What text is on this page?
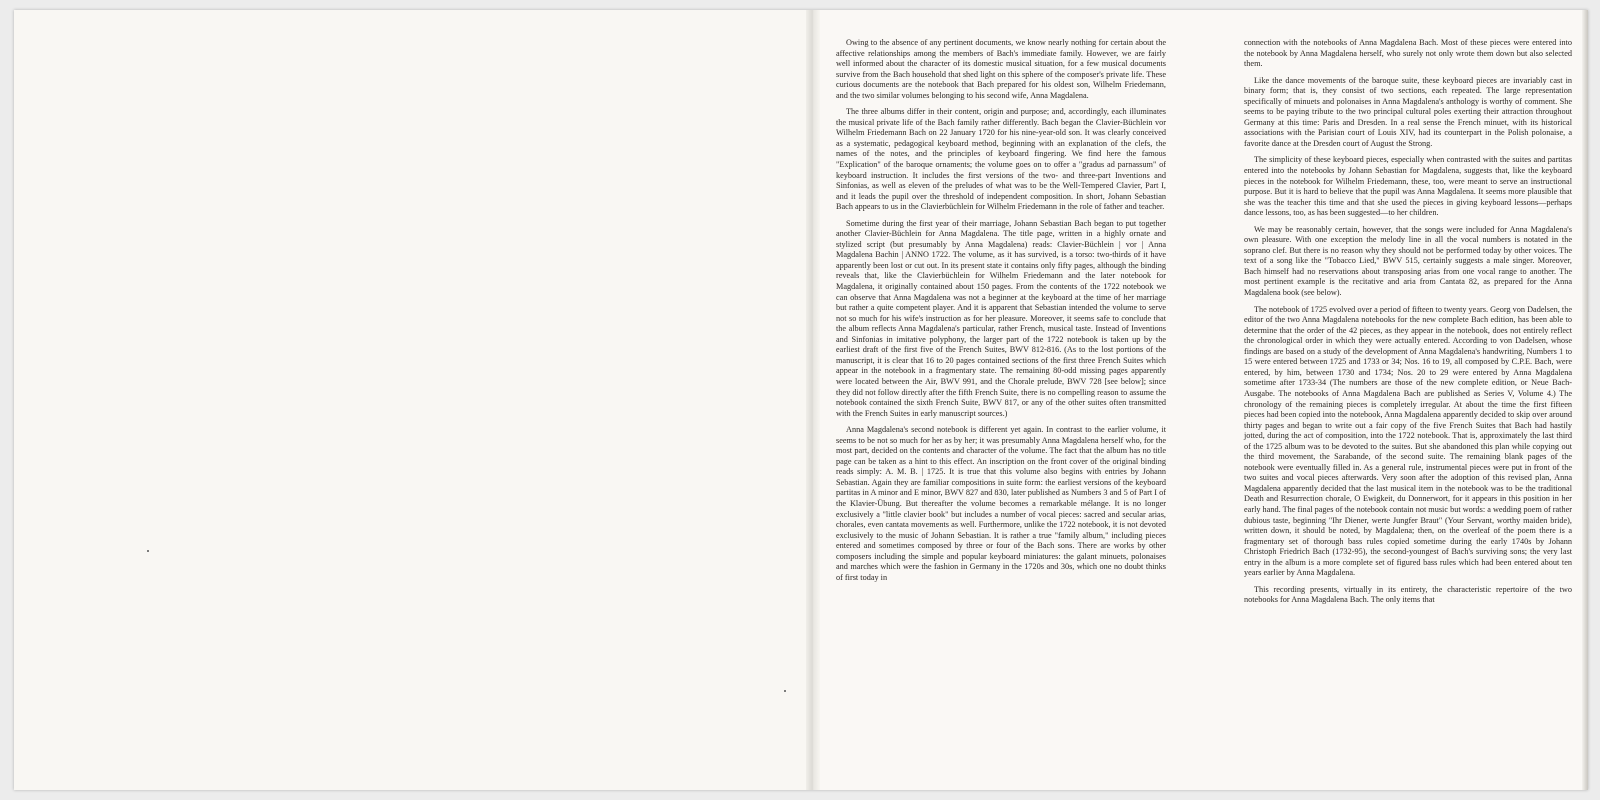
Owing to the absence of any pertinent documents, we know nearly nothing for certain about the affective relationships among the members of Bach's immediate family. However, we are fairly well informed about the character of its domestic musical situation, for a few musical documents survive from the Bach household that shed light on this sphere of the composer's private life. These curious documents are the notebook that Bach prepared for his oldest son, Wilhelm Friedemann, and the two similar volumes belonging to his second wife, Anna Magdalena.

The three albums differ in their content, origin and purpose; and, accordingly, each illuminates the musical private life of the Bach family rather differently. Bach began the Clavier-Büchlein vor Wilhelm Friedemann Bach on 22 January 1720 for his nine-year-old son. It was clearly conceived as a systematic, pedagogical keyboard method, beginning with an explanation of the clefs, the names of the notes, and the principles of keyboard fingering. We find here the famous "Explication" of the baroque ornaments; the volume goes on to offer a "gradus ad parnassum" of keyboard instruction. It includes the first versions of the two- and three-part Inventions and Sinfonias, as well as eleven of the preludes of what was to be the Well-Tempered Clavier, Part I, and it leads the pupil over the threshold of independent composition. In short, Johann Sebastian Bach appears to us in the Clavierbüchlein for Wilhelm Friedemann in the role of father and teacher.

Sometime during the first year of their marriage, Johann Sebastian Bach began to put together another Clavier-Büchlein for Anna Magdalena. The title page, written in a highly ornate and stylized script (but presumably by Anna Magdalena) reads: Clavier-Büchlein | vor | Anna Magdalena Bachin | ANNO 1722. The volume, as it has survived, is a torso: two-thirds of it have apparently been lost or cut out. In its present state it contains only fifty pages, although the binding reveals that, like the Clavierbüchlein for Wilhelm Friedemann and the later notebook for Magdalena, it originally contained about 150 pages. From the contents of the 1722 notebook we can observe that Anna Magdalena was not a beginner at the keyboard at the time of her marriage but rather a quite competent player. And it is apparent that Sebastian intended the volume to serve not so much for his wife's instruction as for her pleasure. Moreover, it seems safe to conclude that the album reflects Anna Magdalena's particular, rather French, musical taste. Instead of Inventions and Sinfonias in imitative polyphony, the larger part of the 1722 notebook is taken up by the earliest draft of the first five of the French Suites, BWV 812-816. (As to the lost portions of the manuscript, it is clear that 16 to 20 pages contained sections of the first three French Suites which appear in the notebook in a fragmentary state. The remaining 80-odd missing pages apparently were located between the Air, BWV 991, and the Chorale prelude, BWV 728 [see below]; since they did not follow directly after the fifth French Suite, there is no compelling reason to assume the notebook contained the sixth French Suite, BWV 817, or any of the other suites often transmitted with the French Suites in early manuscript sources.)

Anna Magdalena's second notebook is different yet again. In contrast to the earlier volume, it seems to be not so much for her as by her; it was presumably Anna Magdalena herself who, for the most part, decided on the contents and character of the volume. The fact that the album has no title page can be taken as a hint to this effect. An inscription on the front cover of the original binding reads simply: A. M. B. | 1725. It is true that this volume also begins with entries by Johann Sebastian. Again they are familiar compositions in suite form: the earliest versions of the keyboard partitas in A minor and E minor, BWV 827 and 830, later published as Numbers 3 and 5 of Part I of the Klavier-Übung. But thereafter the volume becomes a remarkable mélange. It is no longer exclusively a "little clavier book" but includes a number of vocal pieces: sacred and secular arias, chorales, even cantata movements as well. Furthermore, unlike the 1722 notebook, it is not devoted exclusively to the music of Johann Sebastian. It is rather a true "family album," including pieces entered and sometimes composed by three or four of the Bach sons. There are works by other composers including the simple and popular keyboard miniatures: the galant minuets, polonaises and marches which were the fashion in Germany in the 1720s and 30s, which one no doubt thinks of first today in

connection with the notebooks of Anna Magdalena Bach. Most of these pieces were entered into the notebook by Anna Magdalena herself, who surely not only wrote them down but also selected them.

Like the dance movements of the baroque suite, these keyboard pieces are invariably cast in binary form; that is, they consist of two sections, each repeated. The large representation specifically of minuets and polonaises in Anna Magdalena's anthology is worthy of comment. She seems to be paying tribute to the two principal cultural poles exerting their attraction throughout Germany at this time: Paris and Dresden. In a real sense the French minuet, with its historical associations with the Parisian court of Louis XIV, had its counterpart in the Polish polonaise, a favorite dance at the Dresden court of August the Strong.

The simplicity of these keyboard pieces, especially when contrasted with the suites and partitas entered into the notebooks by Johann Sebastian for Magdalena, suggests that, like the keyboard pieces in the notebook for Wilhelm Friedemann, these, too, were meant to serve an instructional purpose. But it is hard to believe that the pupil was Anna Magdalena. It seems more plausible that she was the teacher this time and that she used the pieces in giving keyboard lessons—perhaps dance lessons, too, as has been suggested—to her children.

We may be reasonably certain, however, that the songs were included for Anna Magdalena's own pleasure. With one exception the melody line in all the vocal numbers is notated in the soprano clef. But there is no reason why they should not be performed today by other voices. The text of a song like the "Tobacco Lied," BWV 515, certainly suggests a male singer. Moreover, Bach himself had no reservations about transposing arias from one vocal range to another. The most pertinent example is the recitative and aria from Cantata 82, as prepared for the Anna Magdalena book (see below).

The notebook of 1725 evolved over a period of fifteen to twenty years. Georg von Dadelsen, the editor of the two Anna Magdalena notebooks for the new complete Bach edition, has been able to determine that the order of the 42 pieces, as they appear in the notebook, does not entirely reflect the chronological order in which they were actually entered. According to von Dadelsen, whose findings are based on a study of the development of Anna Magdalena's handwriting, Numbers 1 to 15 were entered between 1725 and 1733 or 34; Nos. 16 to 19, all composed by C.P.E. Bach, were entered, by him, between 1730 and 1734; Nos. 20 to 29 were entered by Anna Magdalena sometime after 1733-34 (The numbers are those of the new complete edition, or Neue Bach-Ausgabe. The notebooks of Anna Magdalena Bach are published as Series V, Volume 4.) The chronology of the remaining pieces is completely irregular. At about the time the first fifteen pieces had been copied into the notebook, Anna Magdalena apparently decided to skip over around thirty pages and began to write out a fair copy of the five French Suites that Bach had hastily jotted, during the act of composition, into the 1722 notebook. That is, approximately the last third of the 1725 album was to be devoted to the suites. But she abandoned this plan while copying out the third movement, the Sarabande, of the second suite. The remaining blank pages of the notebook were eventually filled in. As a general rule, instrumental pieces were put in front of the two suites and vocal pieces afterwards. Very soon after the adoption of this revised plan, Anna Magdalena apparently decided that the last musical item in the notebook was to be the traditional Death and Resurrection chorale, O Ewigkeit, du Donnerwort, for it appears in this position in her early hand. The final pages of the notebook contain not music but words: a wedding poem of rather dubious taste, beginning "Ihr Diener, werte Jungfer Braut" (Your Servant, worthy maiden bride), written down, it should be noted, by Magdalena; then, on the overleaf of the poem there is a fragmentary set of thorough bass rules copied sometime during the early 1740s by Johann Christoph Friedrich Bach (1732-95), the second-youngest of Bach's surviving sons; the very last entry in the album is a more complete set of figured bass rules which had been entered about ten years earlier by Anna Magdalena.

This recording presents, virtually in its entirety, the characteristic repertoire of the two notebooks for Anna Magdalena Bach. The only items that
